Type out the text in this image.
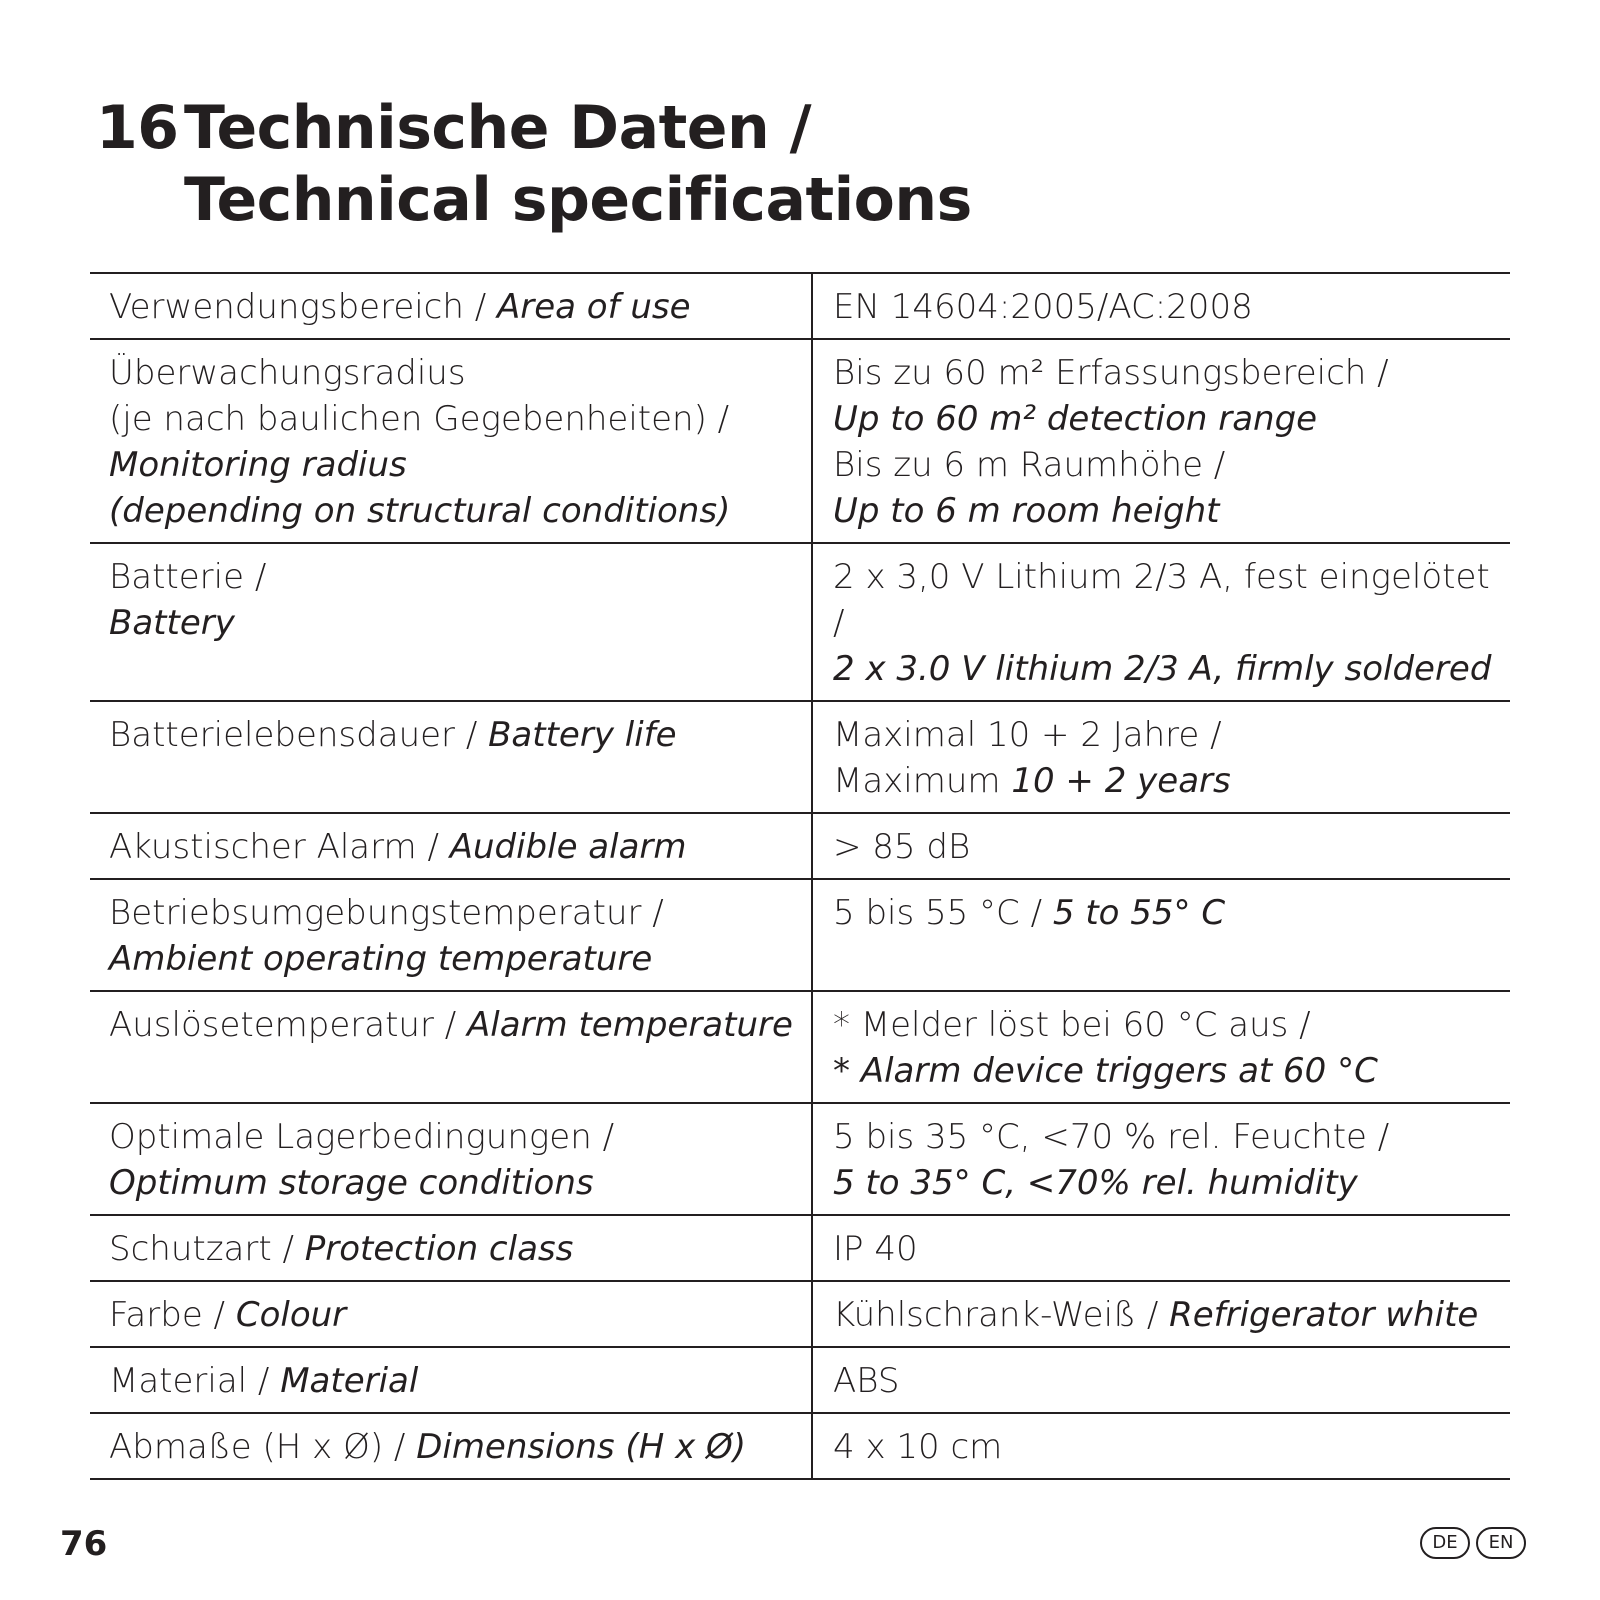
16Technische Daten /
Technical specifications
Verwendungsbereich / Area of use	EN 14604:2005/AC:2008

Überwachungsradius
(je nach baulichen Gegebenheiten) /
Monitoring radius
(depending on structural conditions)	Bis zu 60 m² Erfassungsbereich /
Up to 60 m² detection range
Bis zu 6 m Raumhöhe /
Up to 6 m room height

Batterie /
Battery	2 x 3,0 V Lithium 2/3 A, fest eingelötet /
2 x 3.0 V lithium 2/3 A, firmly soldered

Batterielebensdauer / Battery life	Maximal 10 + 2 Jahre /
Maximum 10 + 2 years

Akustischer Alarm / Audible alarm	> 85 dB

Betriebsumgebungstemperatur /
Ambient operating temperature	5 bis 55 °C / 5 to 55° C
Auslösetemperatur / Alarm temperature	* Melder löst bei 60 °C aus /
* Alarm device triggers at 60 °C

Optimale Lagerbedingungen /
Optimum storage conditions	5 bis 35 °C, <70 % rel. Feuchte /
5 to 35° C, <70% rel. humidity

Schutzart / Protection class	IP 40
Farbe / Colour	Kühlschrank-Weiß / Refrigerator white
Material / Material	ABS
Abmaße (H x Ø) / Dimensions (H x Ø)	4 x 10 cm
76	DE	EN
